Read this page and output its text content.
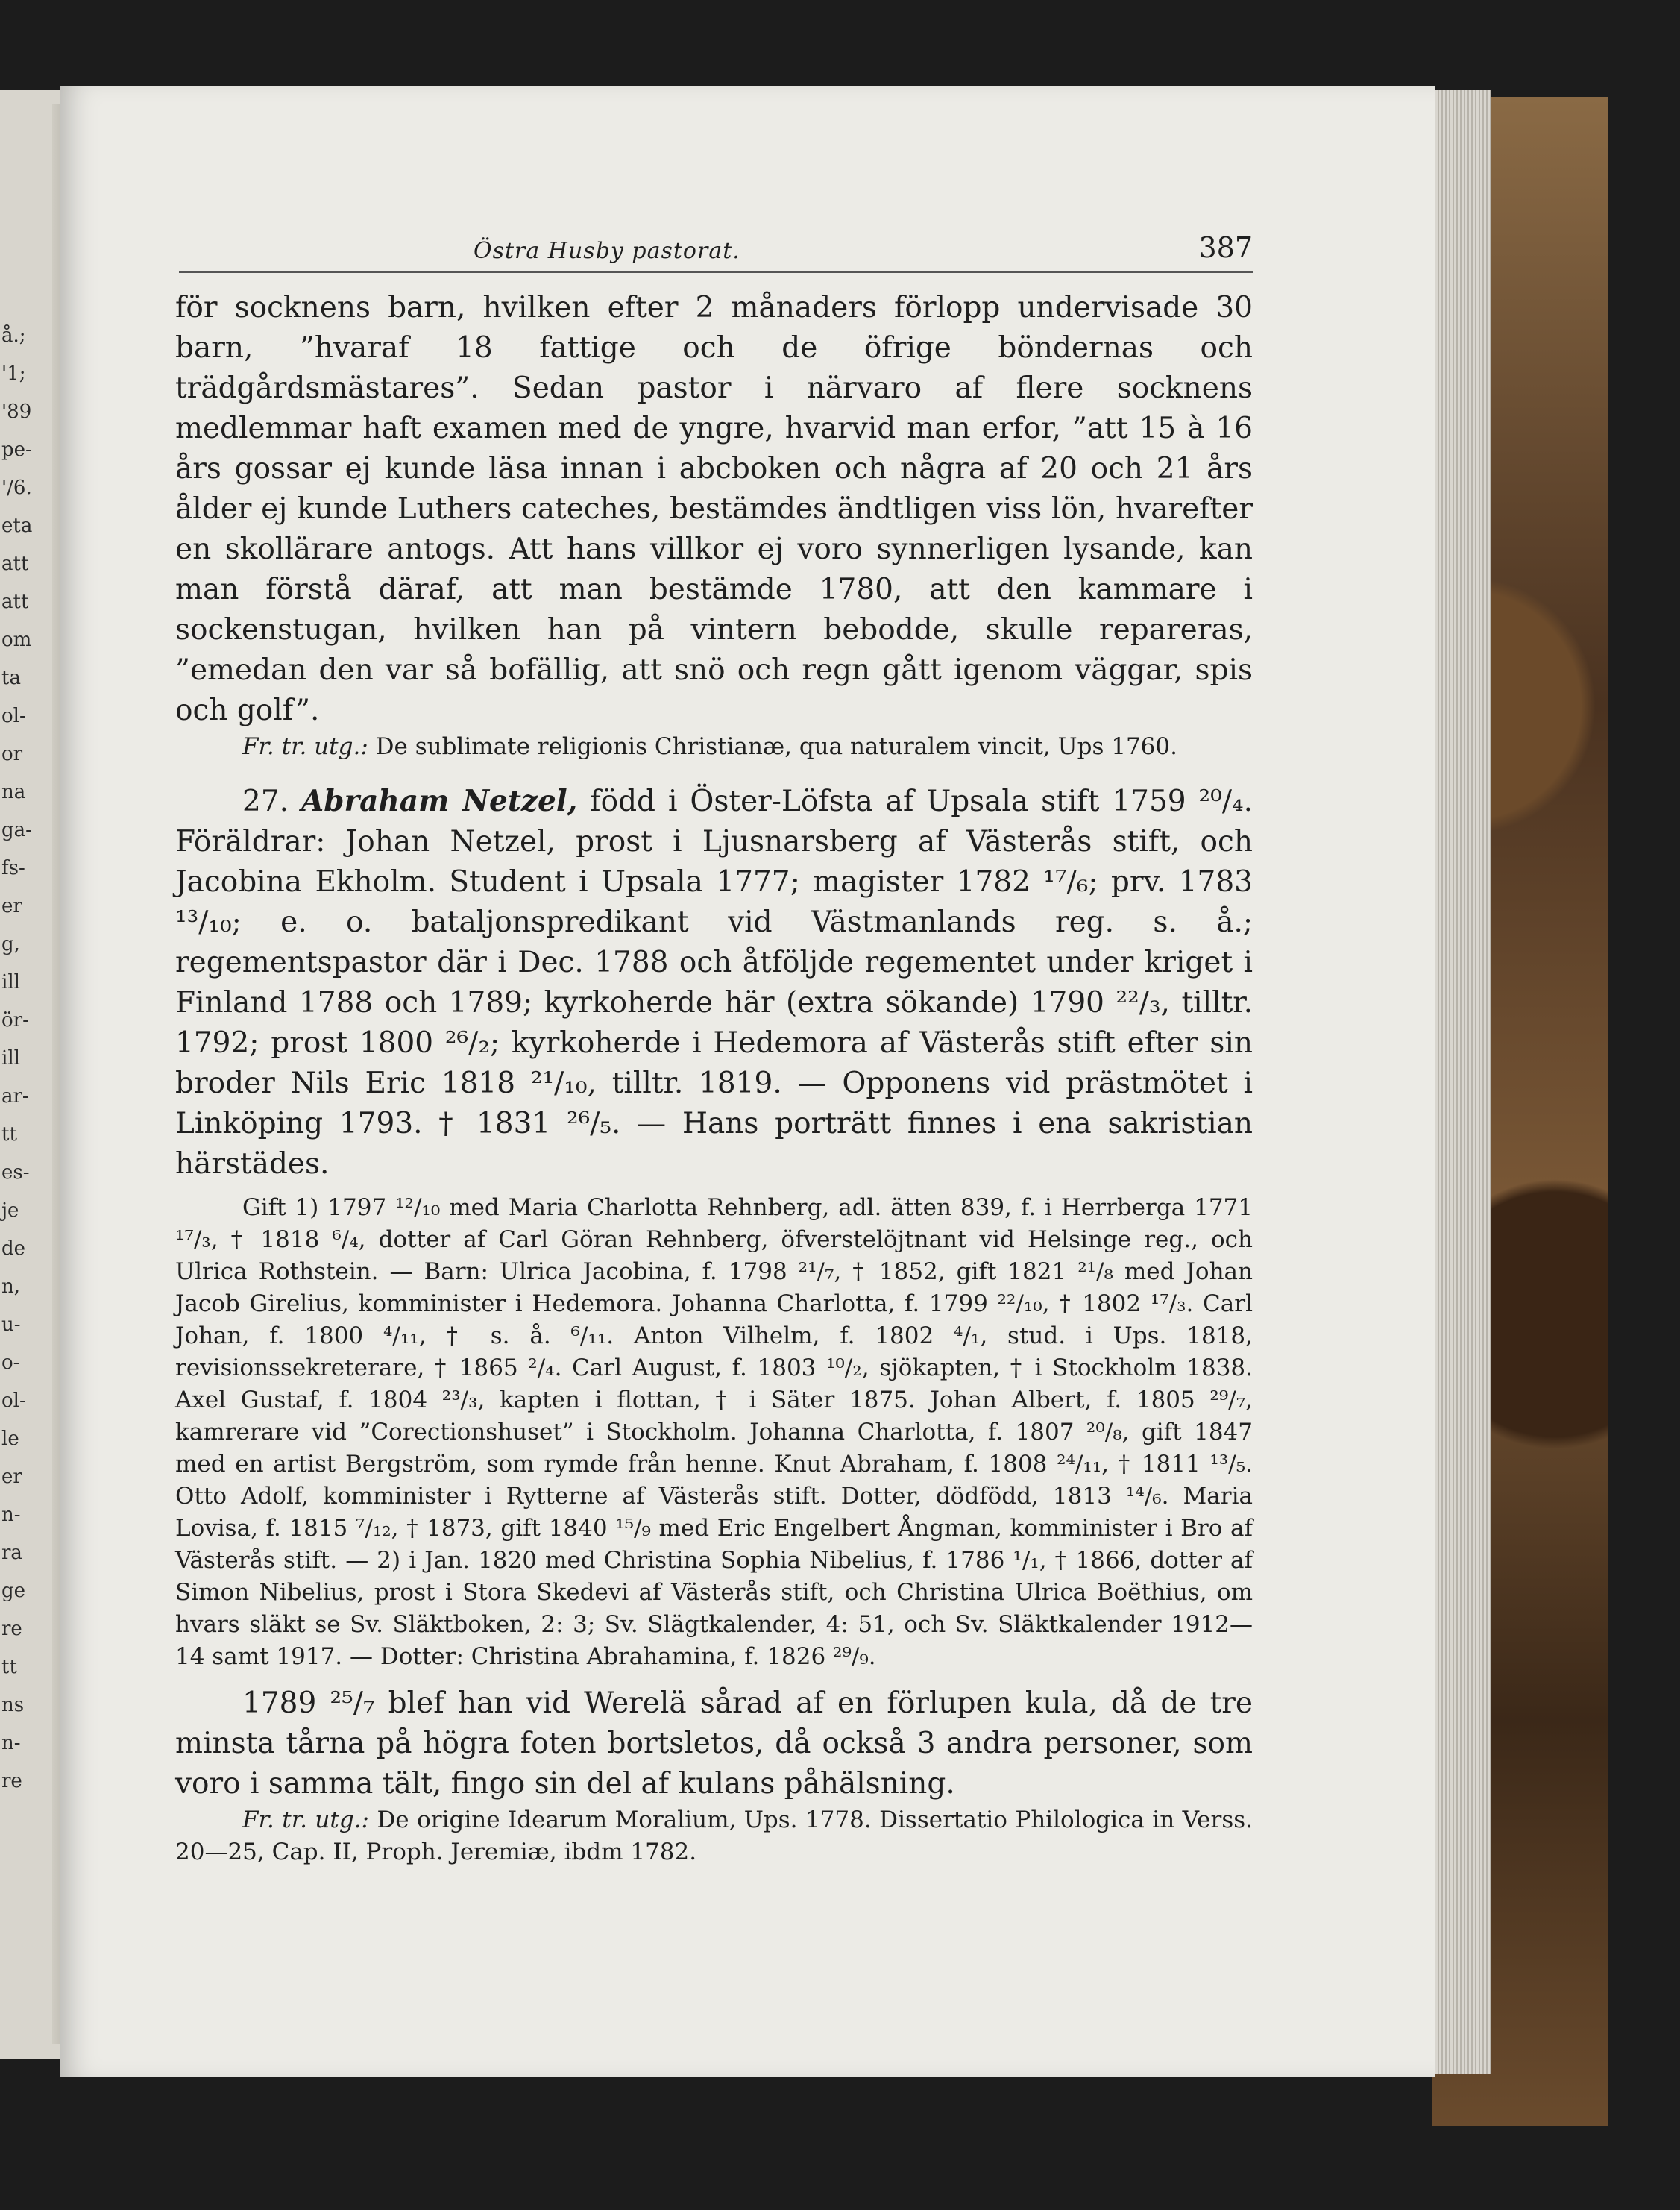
å.;
'1;
'89
pe-
'/6.
eta
att
att
om
ta
ol-
or
na
ga-
fs-
er
g,
ill
ör-
ill
ar-
tt
es-
je
de
n,
u-
o-
ol-
le
er
n-
ra
ge
re
tt
ns
n-
re
Östra Husby pastorat.	387

för socknens barn, hvilken efter 2 månaders förlopp undervisade 30 barn, ”hvaraf 18 fattige och de öfrige böndernas och trädgårdsmästares”. Sedan pastor i närvaro af flere socknens medlemmar haft examen med de yngre, hvarvid man erfor, ”att 15 à 16 års gossar ej kunde läsa innan i abcboken och några af 20 och 21 års ålder ej kunde Luthers cateches, bestämdes ändtligen viss lön, hvarefter en skollärare antogs. Att hans villkor ej voro synnerligen lysande, kan man förstå däraf, att man bestämde 1780, att den kammare i sockenstugan, hvilken han på vintern bebodde, skulle repareras, ”emedan den var så bofällig, att snö och regn gått igenom väggar, spis och golf”.

Fr. tr. utg.: De sublimate religionis Christianæ, qua naturalem vincit, Ups 1760.

27. Abraham Netzel, född i Öster-Löfsta af Upsala stift 1759 ²⁰/₄. Föräldrar: Johan Netzel, prost i Ljusnarsberg af Västerås stift, och Jacobina Ekholm. Student i Upsala 1777; magister 1782 ¹⁷/₆; prv. 1783 ¹³/₁₀; e. o. bataljonspredikant vid Västmanlands reg. s. å.; regementspastor där i Dec. 1788 och åtföljde regementet under kriget i Finland 1788 och 1789; kyrkoherde här (extra sökande) 1790 ²²/₃, tilltr. 1792; prost 1800 ²⁶/₂; kyrkoherde i Hedemora af Västerås stift efter sin broder Nils Eric 1818 ²¹/₁₀, tilltr. 1819. — Opponens vid prästmötet i Linköping 1793. † 1831 ²⁶/₅. — Hans porträtt finnes i ena sakristian härstädes.

Gift 1) 1797 ¹²/₁₀ med Maria Charlotta Rehnberg, adl. ätten 839, f. i Herrberga 1771 ¹⁷/₃, † 1818 ⁶/₄, dotter af Carl Göran Rehnberg, öfverstelöjtnant vid Helsinge reg., och Ulrica Rothstein. — Barn: Ulrica Jacobina, f. 1798 ²¹/₇, † 1852, gift 1821 ²¹/₈ med Johan Jacob Girelius, komminister i Hedemora. Johanna Charlotta, f. 1799 ²²/₁₀, † 1802 ¹⁷/₃. Carl Johan, f. 1800 ⁴/₁₁, † s. å. ⁶/₁₁. Anton Vilhelm, f. 1802 ⁴/₁, stud. i Ups. 1818, revisionssekreterare, † 1865 ²/₄. Carl August, f. 1803 ¹⁰/₂, sjökapten, † i Stockholm 1838. Axel Gustaf, f. 1804 ²³/₃, kapten i flottan, † i Säter 1875. Johan Albert, f. 1805 ²⁹/₇, kamrerare vid ”Corectionshuset” i Stockholm. Johanna Charlotta, f. 1807 ²⁰/₈, gift 1847 med en artist Bergström, som rymde från henne. Knut Abraham, f. 1808 ²⁴/₁₁, † 1811 ¹³/₅. Otto Adolf, komminister i Rytterne af Västerås stift. Dotter, dödfödd, 1813 ¹⁴/₆. Maria Lovisa, f. 1815 ⁷/₁₂, † 1873, gift 1840 ¹⁵/₉ med Eric Engelbert Ångman, komminister i Bro af Västerås stift. — 2) i Jan. 1820 med Christina Sophia Nibelius, f. 1786 ¹/₁, † 1866, dotter af Simon Nibelius, prost i Stora Skedevi af Västerås stift, och Christina Ulrica Boëthius, om hvars släkt se Sv. Släktboken, 2: 3; Sv. Slägtkalender, 4: 51, och Sv. Släktkalender 1912—14 samt 1917. — Dotter: Christina Abrahamina, f. 1826 ²⁹/₉.

1789 ²⁵/₇ blef han vid Werelä sårad af en förlupen kula, då de tre minsta tårna på högra foten bortsletos, då också 3 andra personer, som voro i samma tält, fingo sin del af kulans påhälsning.

Fr. tr. utg.: De origine Idearum Moralium, Ups. 1778. Dissertatio Philologica in Verss. 20—25, Cap. II, Proph. Jeremiæ, ibdm 1782.
